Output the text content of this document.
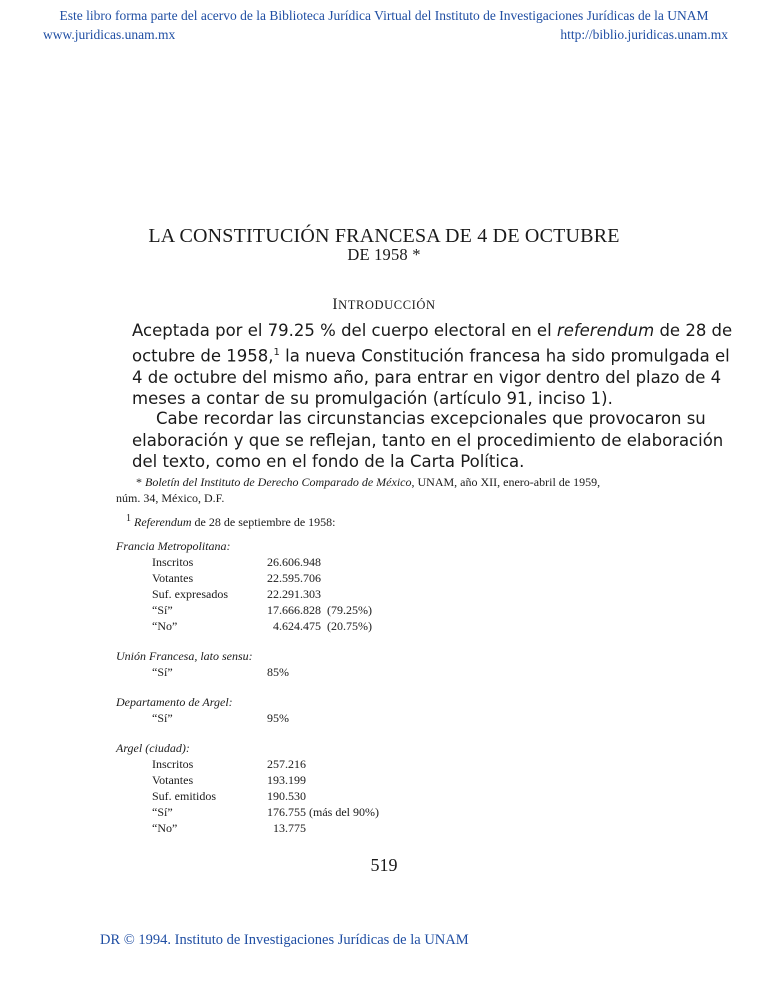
Este libro forma parte del acervo de la Biblioteca Jurídica Virtual del Instituto de Investigaciones Jurídicas de la UNAM
www.juridicas.unam.mx	http://biblio.juridicas.unam.mx
LA CONSTITUCIÓN FRANCESA DE 4 DE OCTUBRE
DE 1958 *
INTRODUCCIÓN
Aceptada por el 79.25 % del cuerpo electoral en el referendum de 28 de
octubre de 1958,$^1$ la nueva Constitución francesa ha sido promulgada el
4 de octubre del mismo año, para entrar en vigor dentro del plazo de 4
meses a contar de su promulgación (artículo 91, inciso 1).
Cabe recordar las circunstancias excepcionales que provocaron su
elaboración y que se reflejan, tanto en el procedimiento de elaboración
del texto, como en el fondo de la Carta Política.
* Boletín del Instituto de Derecho Comparado de México, UNAM, año XII, enero-abril de 1959,
núm. 34, México, D.F.
$^1$ Referendum de 28 de septiembre de 1958:
Francia Metropolitana:
Inscritos	26.606.948
Votantes	22.595.706
Suf. expresados	22.291.303
“Sí”	17.666.828  (79.25%)
“No”	4.624.475  (20.75%)
Unión Francesa, lato sensu:
“Sí”	85%
Departamento de Argel:
“Sí”	95%
Argel (ciudad):
Inscritos	257.216
Votantes	193.199
Suf. emitidos	190.530
“Sí”	176.755 (más del 90%)
“No”	13.775
519
DR © 1994. Instituto de Investigaciones Jurídicas de la UNAM
